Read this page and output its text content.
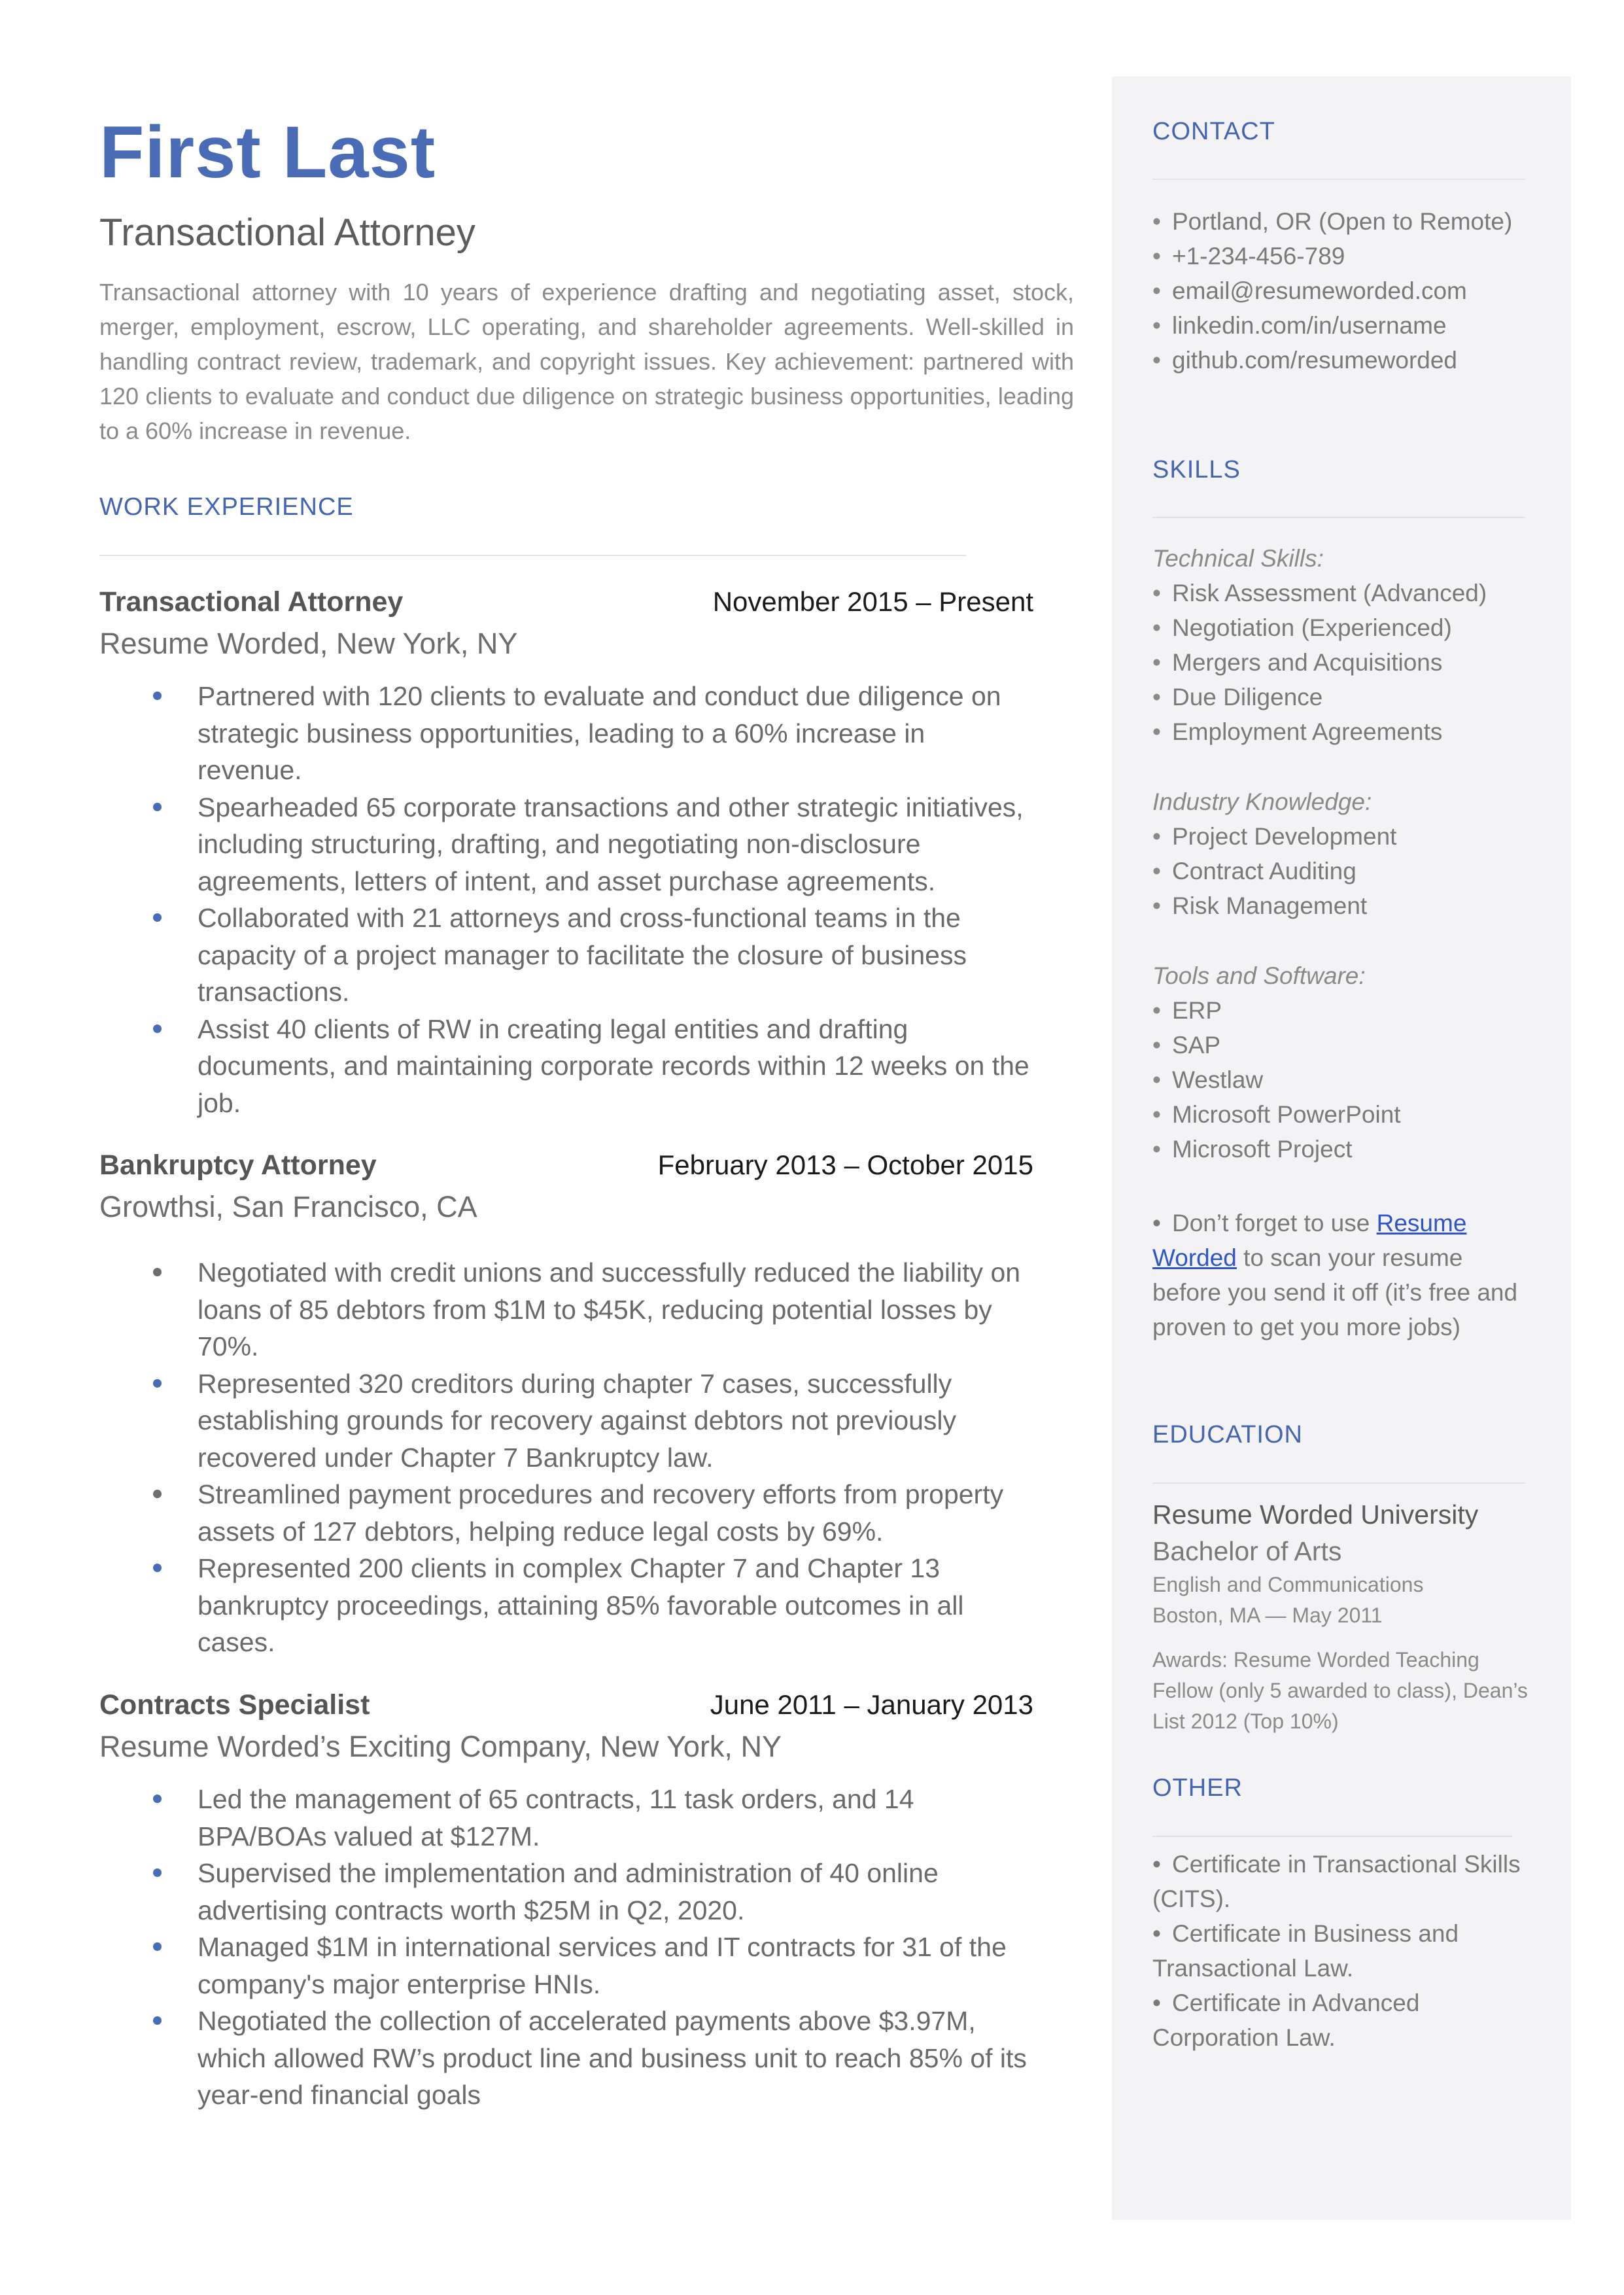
First Last
Transactional Attorney
Transactional attorney with 10 years of experience drafting and negotiating asset, stock, merger, employment, escrow, LLC operating, and shareholder agreements. Well-skilled in handling contract review, trademark, and copyright issues. Key achievement: partnered with 120 clients to evaluate and conduct due diligence on strategic business opportunities, leading to a 60% increase in revenue.
WORK EXPERIENCE
Transactional Attorney	November 2015 – Present
Resume Worded, New York, NY
Partnered with 120 clients to evaluate and conduct due diligence on strategic business opportunities, leading to a 60% increase in revenue.
Spearheaded 65 corporate transactions and other strategic initiatives, including structuring, drafting, and negotiating non-disclosure agreements, letters of intent, and asset purchase agreements.
Collaborated with 21 attorneys and cross-functional teams in the capacity of a project manager to facilitate the closure of business transactions.
Assist 40 clients of RW in creating legal entities and drafting documents, and maintaining corporate records within 12 weeks on the job.
Bankruptcy Attorney	February 2013 – October 2015
Growthsi, San Francisco, CA
Negotiated with credit unions and successfully reduced the liability on loans of 85 debtors from $1M to $45K, reducing potential losses by 70%.
Represented 320 creditors during chapter 7 cases, successfully establishing grounds for recovery against debtors not previously recovered under Chapter 7 Bankruptcy law.
Streamlined payment procedures and recovery efforts from property assets of 127 debtors, helping reduce legal costs by 69%.
Represented 200 clients in complex Chapter 7 and Chapter 13 bankruptcy proceedings, attaining 85% favorable outcomes in all cases.
Contracts Specialist	June 2011 – January 2013
Resume Worded’s Exciting Company, New York, NY
Led the management of 65 contracts, 11 task orders, and 14 BPA/BOAs valued at $127M.
Supervised the implementation and administration of 40 online advertising contracts worth $25M in Q2, 2020.
Managed $1M in international services and IT contracts for 31 of the company's major enterprise HNIs.
Negotiated the collection of accelerated payments above $3.97M, which allowed RW’s product line and business unit to reach 85% of its year-end financial goals
CONTACT
• Portland, OR (Open to Remote)
• +1-234-456-789
• email@resumeworded.com
• linkedin.com/in/username
• github.com/resumeworded
SKILLS
Technical Skills:
• Risk Assessment (Advanced)
• Negotiation (Experienced)
• Mergers and Acquisitions
• Due Diligence
• Employment Agreements
Industry Knowledge:
• Project Development
• Contract Auditing
• Risk Management
Tools and Software:
• ERP
• SAP
• Westlaw
• Microsoft PowerPoint
• Microsoft Project
• Don’t forget to use Resume Worded to scan your resume before you send it off (it’s free and proven to get you more jobs)
EDUCATION
Resume Worded University
Bachelor of Arts
English and Communications
Boston, MA — May 2011
Awards: Resume Worded Teaching Fellow (only 5 awarded to class), Dean’s List 2012 (Top 10%)
OTHER
• Certificate in Transactional Skills (CITS).
• Certificate in Business and Transactional Law.
• Certificate in Advanced Corporation Law.
